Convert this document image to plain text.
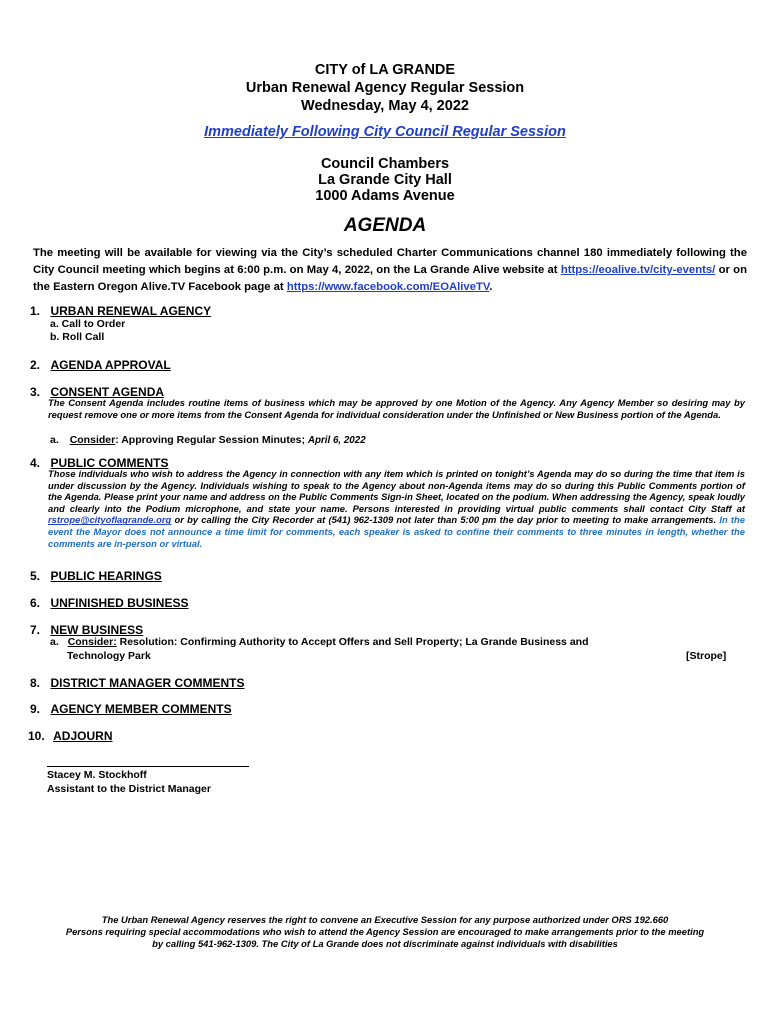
CITY of LA GRANDE
Urban Renewal Agency Regular Session
Wednesday, May 4, 2022
Immediately Following City Council Regular Session
Council Chambers
La Grande City Hall
1000 Adams Avenue
AGENDA
The meeting will be available for viewing via the City’s scheduled Charter Communications channel 180 immediately following the City Council meeting which begins at 6:00 p.m. on May 4, 2022, on the La Grande Alive website at https://eoalive.tv/city-events/ or on the Eastern Oregon Alive.TV Facebook page at https://www.facebook.com/EOAliveTV.
1. URBAN RENEWAL AGENCY
a. Call to Order
b. Roll Call
2. AGENDA APPROVAL
3. CONSENT AGENDA
The Consent Agenda includes routine items of business which may be approved by one Motion of the Agency. Any Agency Member so desiring may by request remove one or more items from the Consent Agenda for individual consideration under the Unfinished or New Business portion of the Agenda.
a. Consider: Approving Regular Session Minutes; April 6, 2022
4. PUBLIC COMMENTS
Those individuals who wish to address the Agency in connection with any item which is printed on tonight’s Agenda may do so during the time that item is under discussion by the Agency. Individuals wishing to speak to the Agency about non-Agenda items may do so during this Public Comments portion of the Agenda. Please print your name and address on the Public Comments Sign-in Sheet, located on the podium. When addressing the Agency, speak loudly and clearly into the Podium microphone, and state your name. Persons interested in providing virtual public comments shall contact City Staff at rstrope@cityoflagrande.org or by calling the City Recorder at (541) 962-1309 not later than 5:00 pm the day prior to meeting to make arrangements. In the event the Mayor does not announce a time limit for comments, each speaker is asked to confine their comments to three minutes in length, whether the comments are in-person or virtual.
5. PUBLIC HEARINGS
6. UNFINISHED BUSINESS
7. NEW BUSINESS
a. Consider: Resolution: Confirming Authority to Accept Offers and Sell Property; La Grande Business and
Technology Park	[Strope]
8. DISTRICT MANAGER COMMENTS
9. AGENCY MEMBER COMMENTS
10. ADJOURN
Stacey M. Stockhoff
Assistant to the District Manager
The Urban Renewal Agency reserves the right to convene an Executive Session for any purpose authorized under ORS 192.660
Persons requiring special accommodations who wish to attend the Agency Session are encouraged to make arrangements prior to the meeting
by calling 541-962-1309. The City of La Grande does not discriminate against individuals with disabilities
